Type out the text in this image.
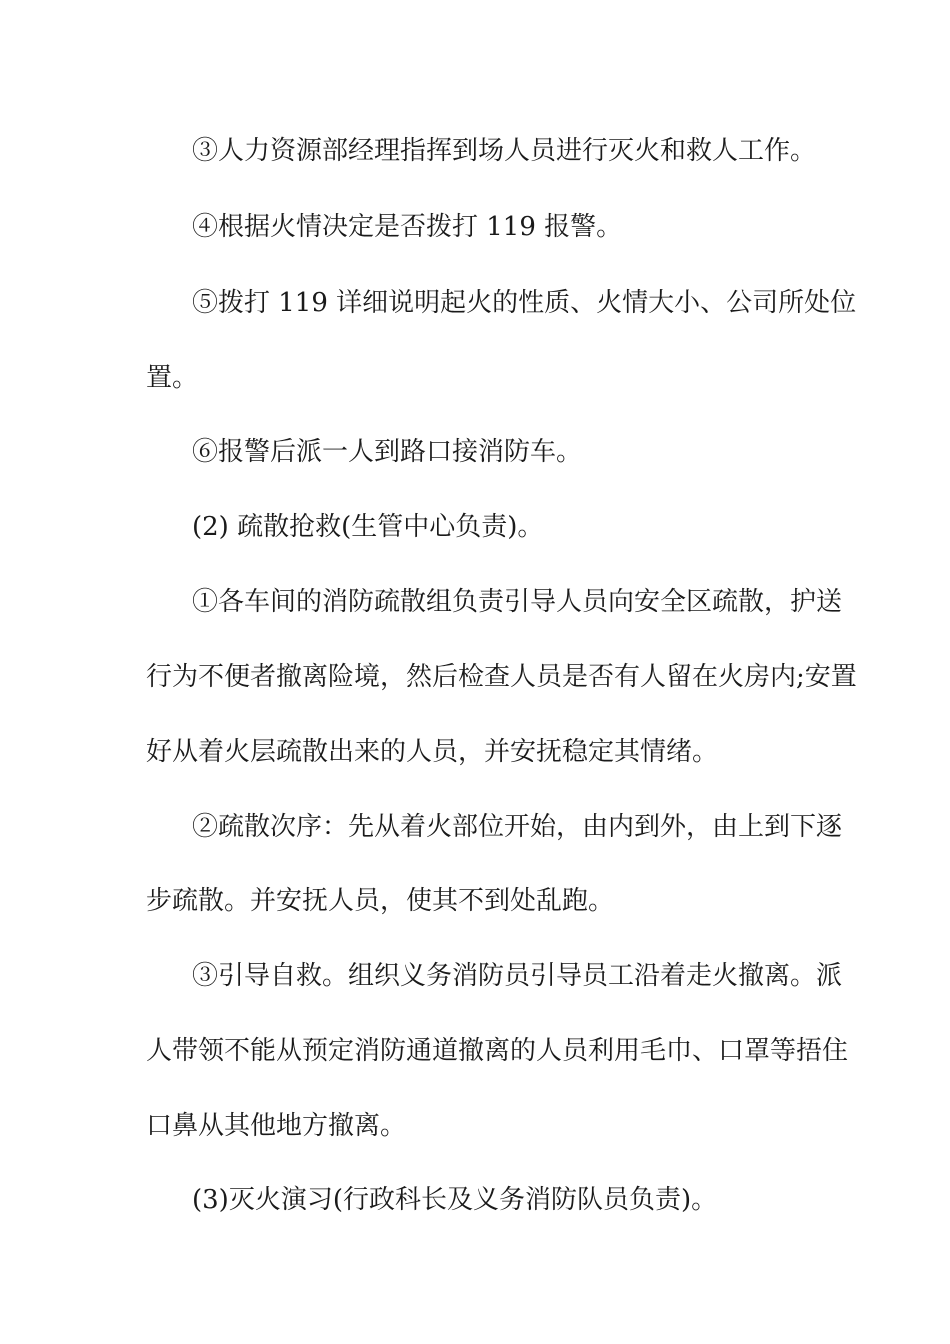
③人力资源部经理指挥到场人员进行灭火和救人工作。
④根据火情决定是否拨打 119 报警。
⑤拨打 119 详细说明起火的性质、火情大小、公司所处位
置。
⑥报警后派一人到路口接消防车。
(2) 疏散抢救(生管中心负责)。
①各车间的消防疏散组负责引导人员向安全区疏散，护送
行为不便者撤离险境，然后检查人员是否有人留在火房内;安置
好从着火层疏散出来的人员，并安抚稳定其情绪。
②疏散次序：先从着火部位开始，由内到外，由上到下逐
步疏散。并安抚人员，使其不到处乱跑。
③引导自救。组织义务消防员引导员工沿着走火撤离。派
人带领不能从预定消防通道撤离的人员利用毛巾、口罩等捂住
口鼻从其他地方撤离。
(3)灭火演习(行政科长及义务消防队员负责)。
